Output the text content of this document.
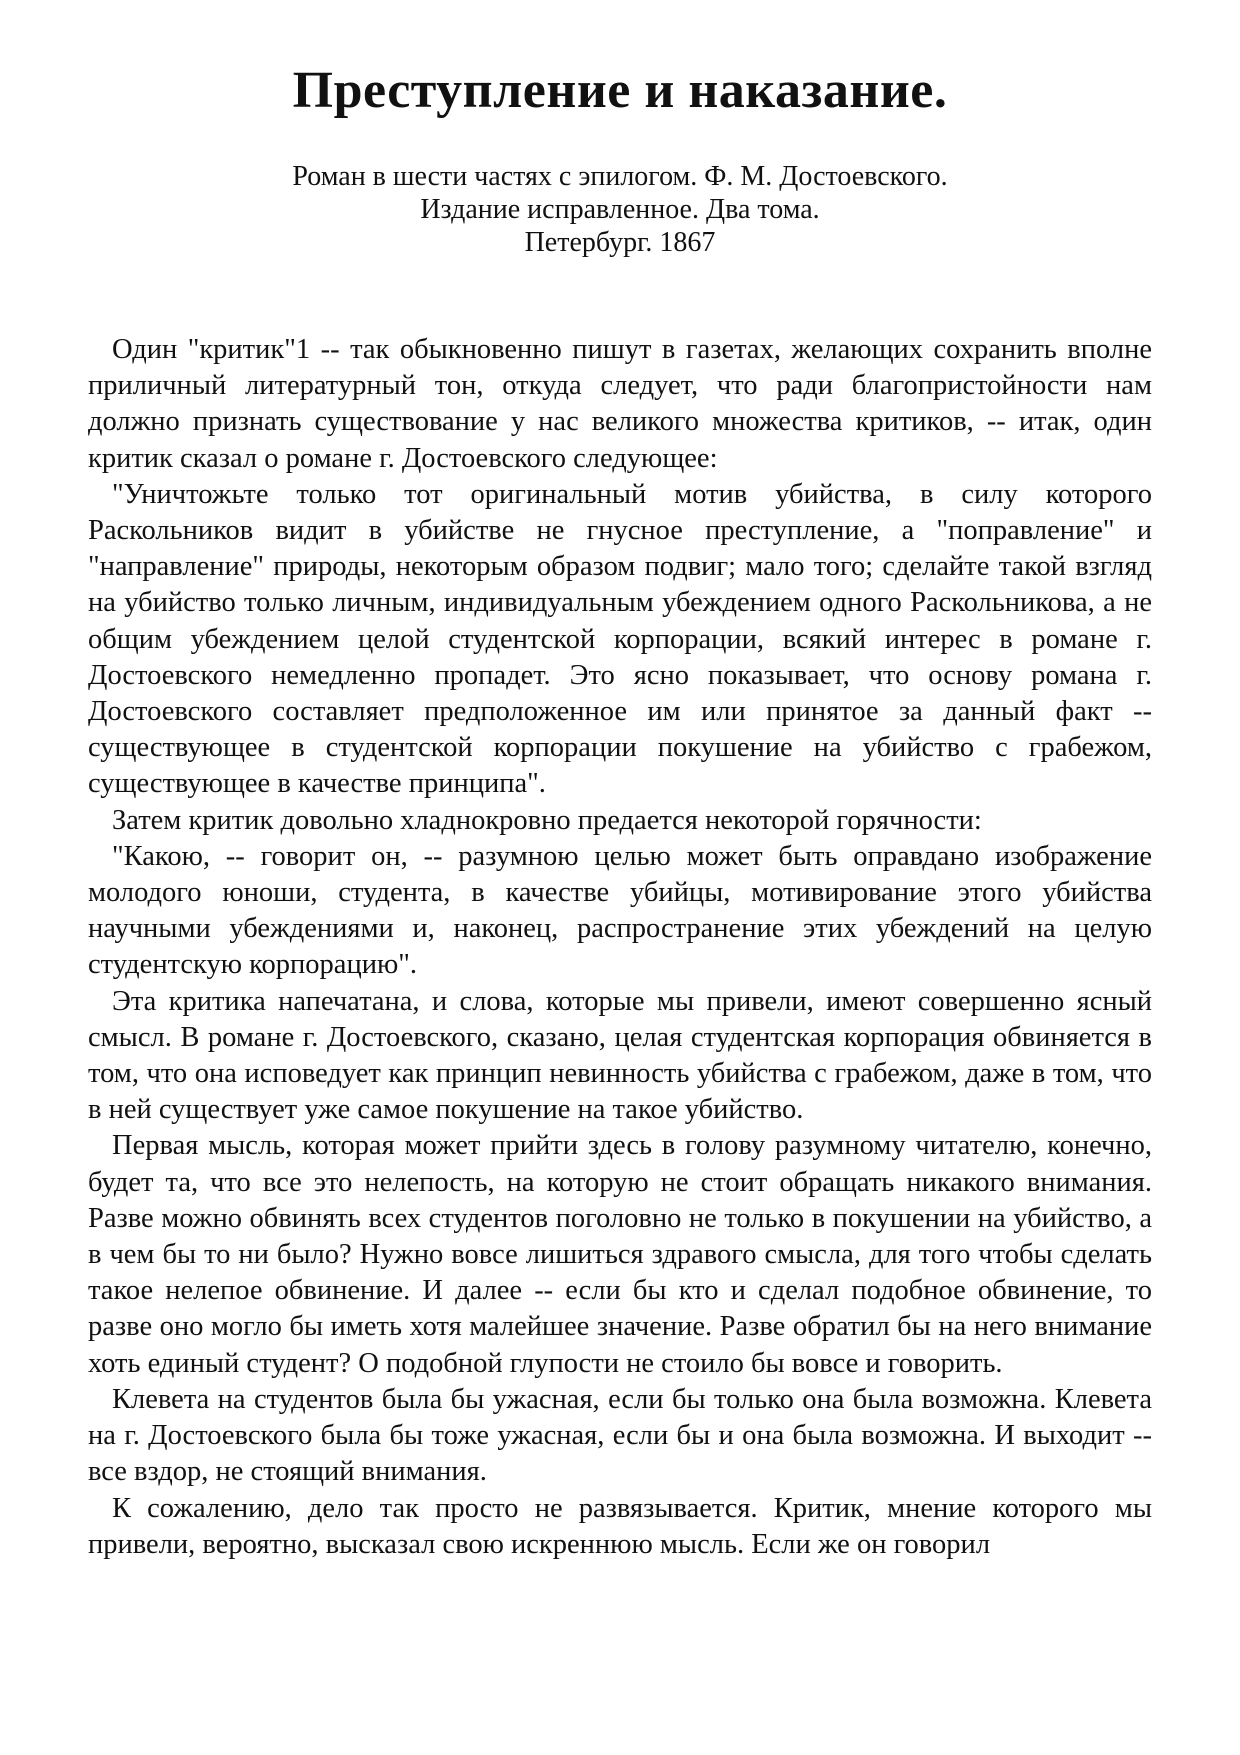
Преступление и наказание.
Роман в шести частях с эпилогом. Ф. М. Достоевского.
Издание исправленное. Два тома.
Петербург. 1867

Один "критик"1 -- так обыкновенно пишут в газетах, желающих сохранить вполне приличный литературный тон, откуда следует, что ради благопристойности нам должно признать существование у нас великого множества критиков, -- итак, один критик сказал о романе г. Достоевского следующее:

"Уничтожьте только тот оригинальный мотив убийства, в силу которого Раскольников видит в убийстве не гнусное преступление, а "поправление" и "направление" природы, некоторым образом подвиг; мало того; сделайте такой взгляд на убийство только личным, индивидуальным убеждением одного Раскольникова, а не общим убеждением целой студентской корпорации, всякий интерес в романе г. Достоевского немедленно пропадет. Это ясно показывает, что основу романа г. Достоевского составляет предположенное им или принятое за данный факт -- существующее в студентской корпорации покушение на убийство с грабежом, существующее в качестве принципа".

Затем критик довольно хладнокровно предается некоторой горячности:

"Какою, -- говорит он, -- разумною целью может быть оправдано изображение молодого юноши, студента, в качестве убийцы, мотивирование этого убийства научными убеждениями и, наконец, распространение этих убеждений на целую студентскую корпорацию".

Эта критика напечатана, и слова, которые мы привели, имеют совершенно ясный смысл. В романе г. Достоевского, сказано, целая студентская корпорация обвиняется в том, что она исповедует как принцип невинность убийства с грабежом, даже в том, что в ней существует уже самое покушение на такое убийство.

Первая мысль, которая может прийти здесь в голову разумному читателю, конечно, будет та, что все это нелепость, на которую не стоит обращать никакого внимания. Разве можно обвинять всех студентов поголовно не только в покушении на убийство, а в чем бы то ни было? Нужно вовсе лишиться здравого смысла, для того чтобы сделать такое нелепое обвинение. И далее -- если бы кто и сделал подобное обвинение, то разве оно могло бы иметь хотя малейшее значение. Разве обратил бы на него внимание хоть единый студент? О подобной глупости не стоило бы вовсе и говорить.

Клевета на студентов была бы ужасная, если бы только она была возможна. Клевета на г. Достоевского была бы тоже ужасная, если бы и она была возможна. И выходит -- все вздор, не стоящий внимания.

К сожалению, дело так просто не развязывается. Критик, мнение которого мы привели, вероятно, высказал свою искреннюю мысль. Если же он говорил
